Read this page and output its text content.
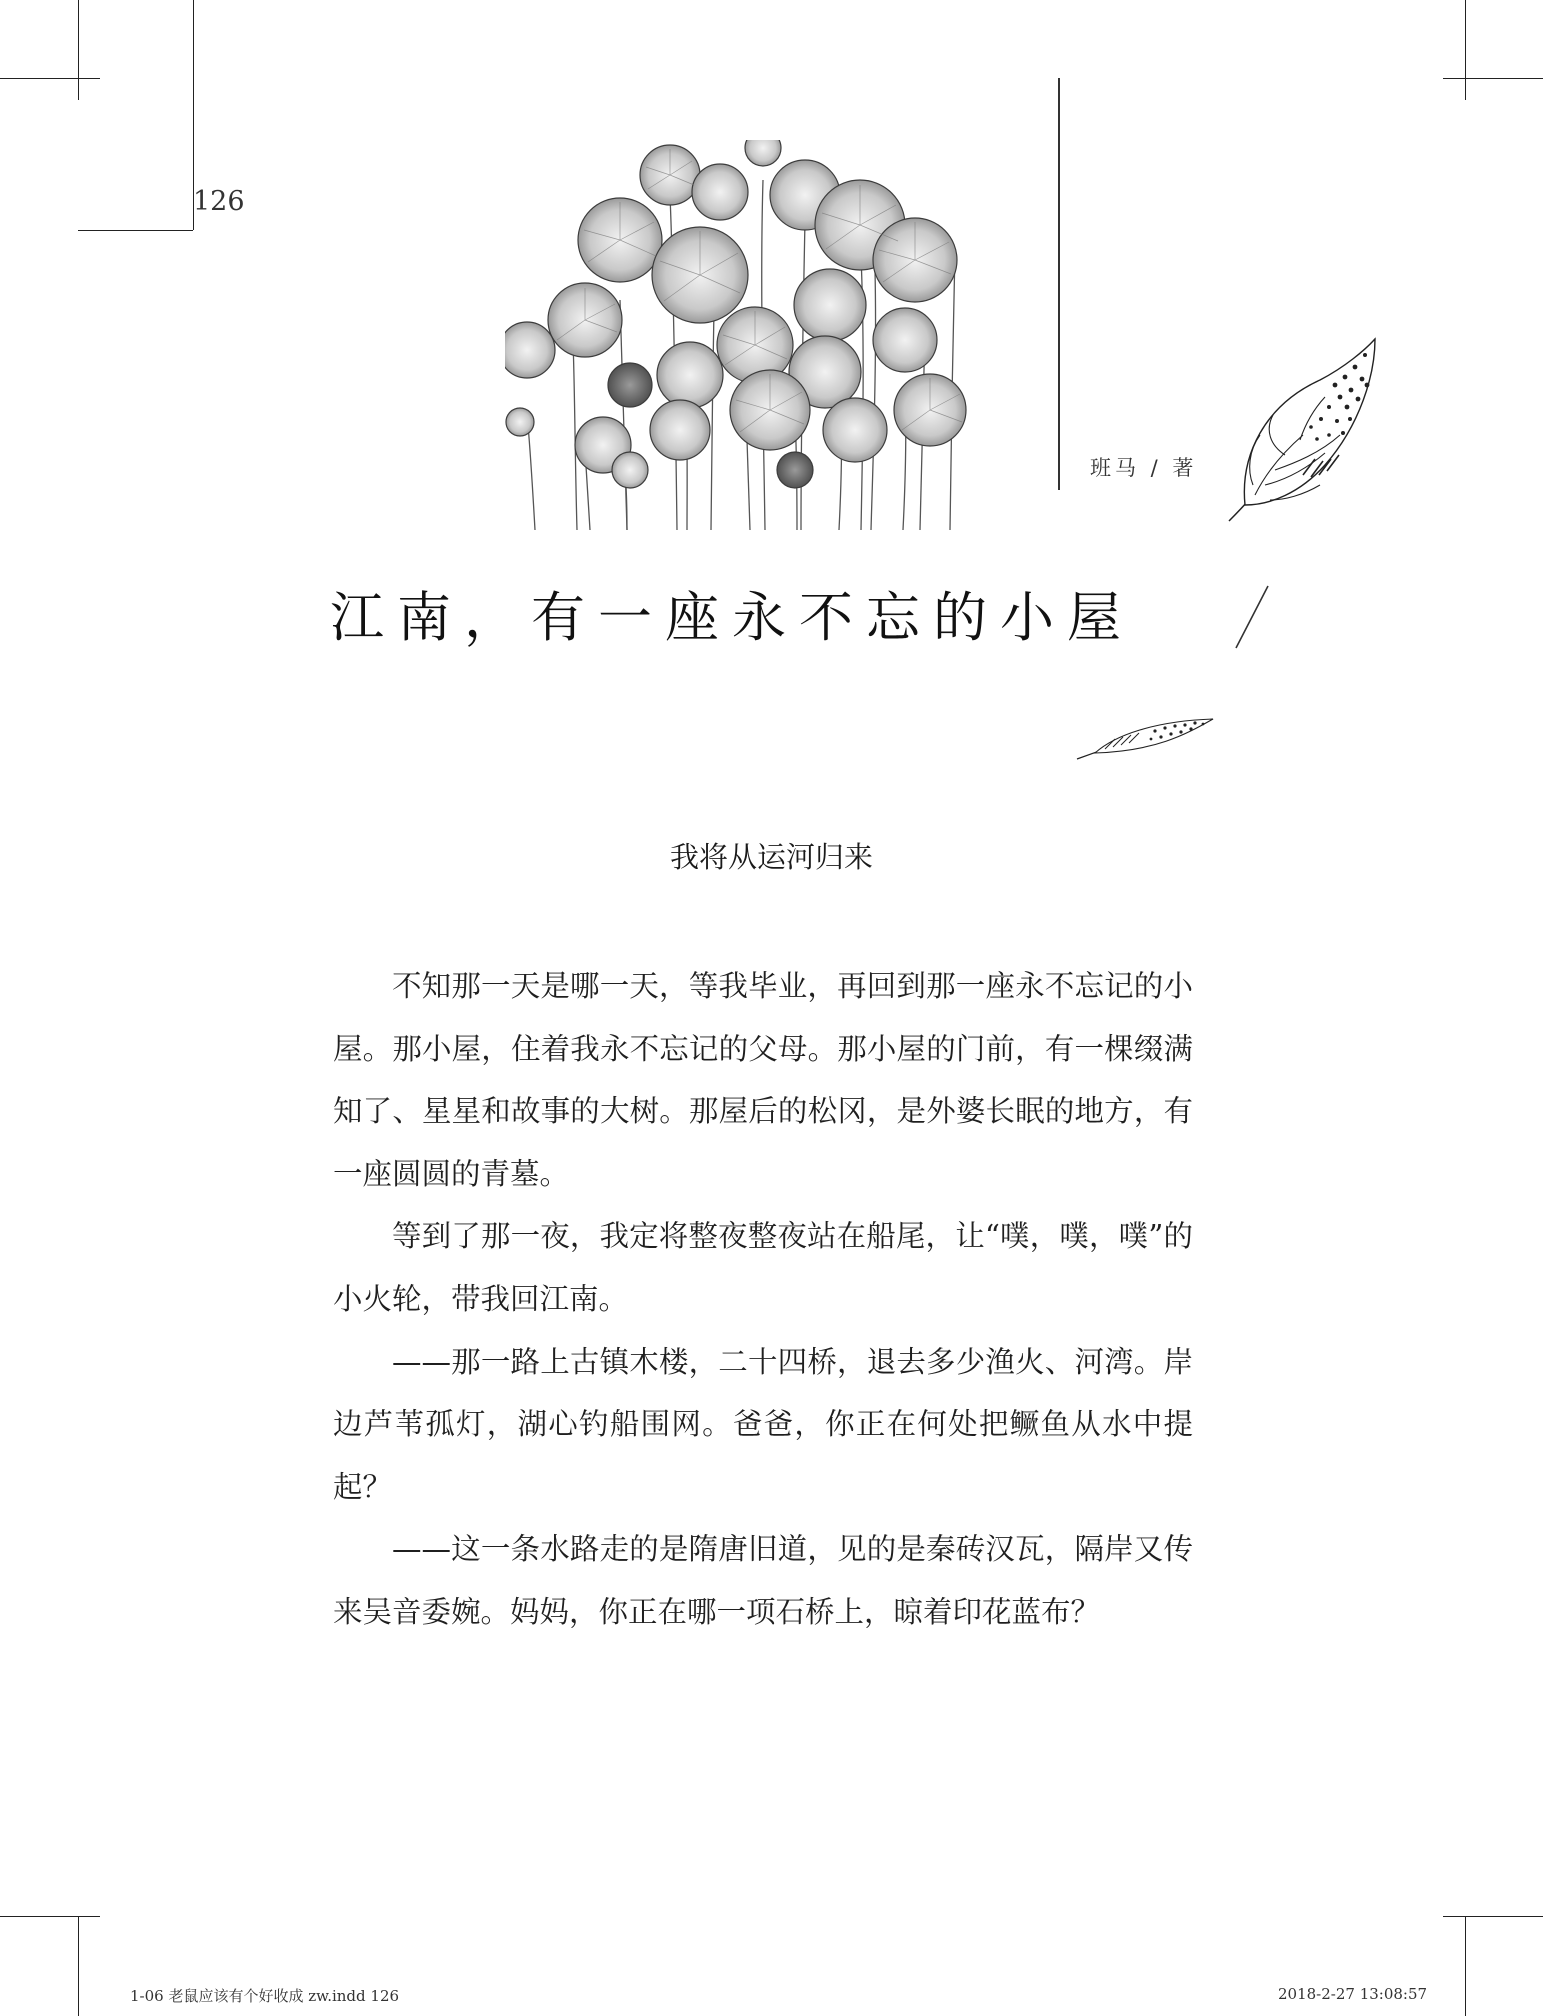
126
班马 / 著
江南，有一座永不忘的小屋
我将从运河归来

不知那一天是哪一天，等我毕业，再回到那一座永不忘记的小屋。那小屋，住着我永不忘记的父母。那小屋的门前，有一棵缀满知了、星星和故事的大树。那屋后的松冈，是外婆长眠的地方，有一座圆圆的青墓。

等到了那一夜，我定将整夜整夜站在船尾，让“噗，噗，噗”的小火轮，带我回江南。

——那一路上古镇木楼，二十四桥，退去多少渔火、河湾。岸边芦苇孤灯，湖心钓船围网。爸爸，你正在何处把鳜鱼从水中提起？

——这一条水路走的是隋唐旧道，见的是秦砖汉瓦，隔岸又传来吴音委婉。妈妈，你正在哪一项石桥上，晾着印花蓝布？

1-06 老鼠应该有个好收成 zw.indd 126	2018-2-27 13:08:57
